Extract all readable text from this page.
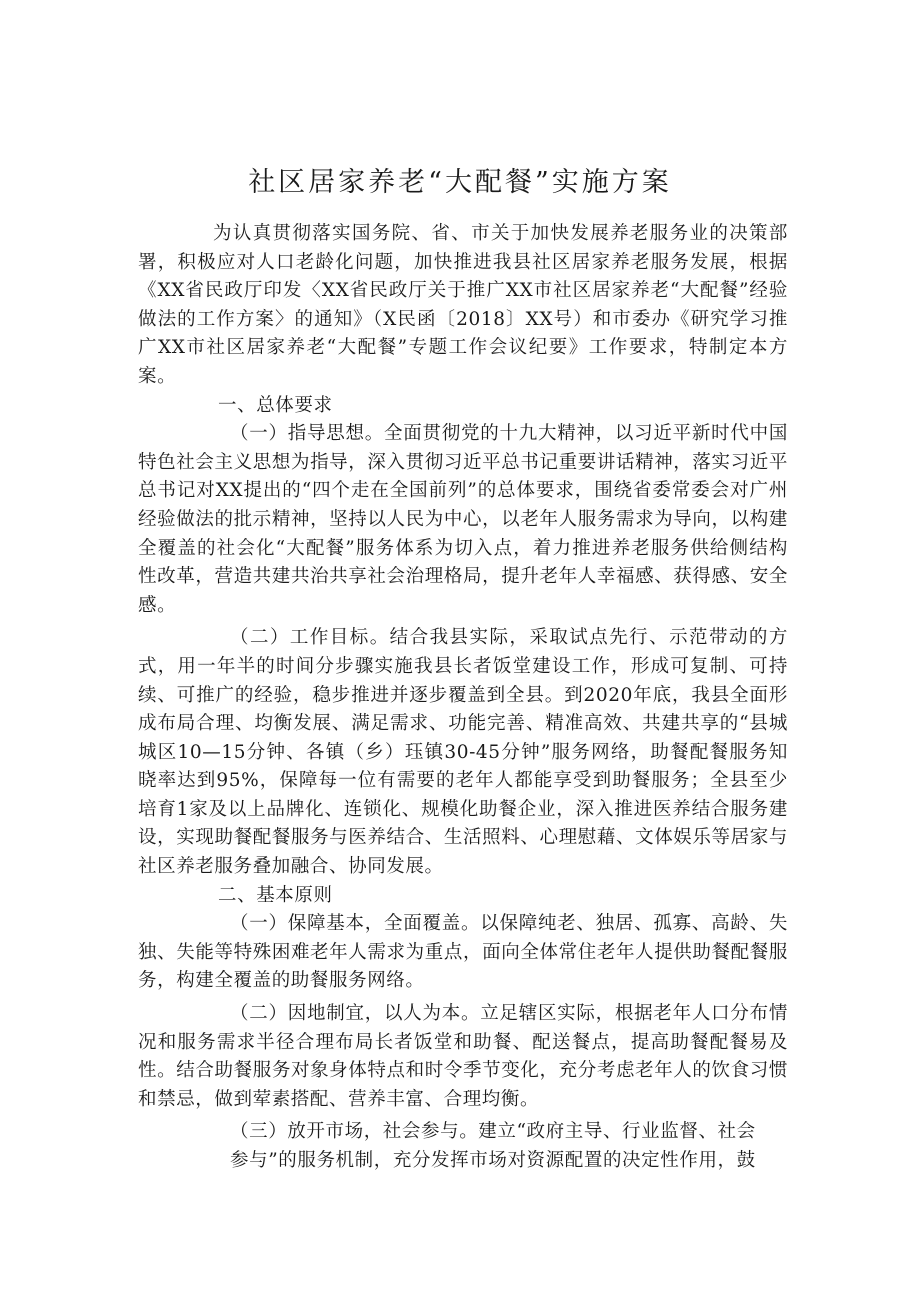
社区居家养老“大配餐”实施方案

为认真贯彻落实国务院、省、市关于加快发展养老服务业的决策部署，积极应对人口老龄化问题，加快推进我县社区居家养老服务发展，根据《XX省民政厅印发〈XX省民政厅关于推广XX市社区居家养老“大配餐”经验做法的工作方案〉的通知》（X民函〔2018〕XX号）和市委办《研究学习推广XX市社区居家养老“大配餐”专题工作会议纪要》工作要求，特制定本方案。

一、总体要求

（一）指导思想。全面贯彻党的十九大精神，以习近平新时代中国特色社会主义思想为指导，深入贯彻习近平总书记重要讲话精神，落实习近平总书记对XX提出的“四个走在全国前列”的总体要求，围绕省委常委会对广州经验做法的批示精神，坚持以人民为中心，以老年人服务需求为导向，以构建全覆盖的社会化“大配餐”服务体系为切入点，着力推进养老服务供给侧结构性改革，营造共建共治共享社会治理格局，提升老年人幸福感、获得感、安全感。

（二）工作目标。结合我县实际，采取试点先行、示范带动的方式，用一年半的时间分步骤实施我县长者饭堂建设工作，形成可复制、可持续、可推广的经验，稳步推进并逐步覆盖到全县。到2020年底，我县全面形成布局合理、均衡发展、满足需求、功能完善、精准高效、共建共享的“县城城区10—15分钟、各镇（乡）珏镇30-45分钟”服务网络，助餐配餐服务知晓率达到95%，保障每一位有需要的老年人都能享受到助餐服务；全县至少培育1家及以上品牌化、连锁化、规模化助餐企业，深入推进医养结合服务建设，实现助餐配餐服务与医养结合、生活照料、心理慰藉、文体娱乐等居家与社区养老服务叠加融合、协同发展。

二、基本原则

（一）保障基本，全面覆盖。以保障纯老、独居、孤寡、高龄、失独、失能等特殊困难老年人需求为重点，面向全体常住老年人提供助餐配餐服务，构建全覆盖的助餐服务网络。

（二）因地制宜，以人为本。立足辖区实际，根据老年人口分布情况和服务需求半径合理布局长者饭堂和助餐、配送餐点，提高助餐配餐易及性。结合助餐服务对象身体特点和时令季节变化，充分考虑老年人的饮食习惯和禁忌，做到荤素搭配、营养丰富、合理均衡。

（三）放开市场，社会参与。建立“政府主导、行业监督、社会

参与”的服务机制，充分发挥市场对资源配置的决定性作用，鼓
